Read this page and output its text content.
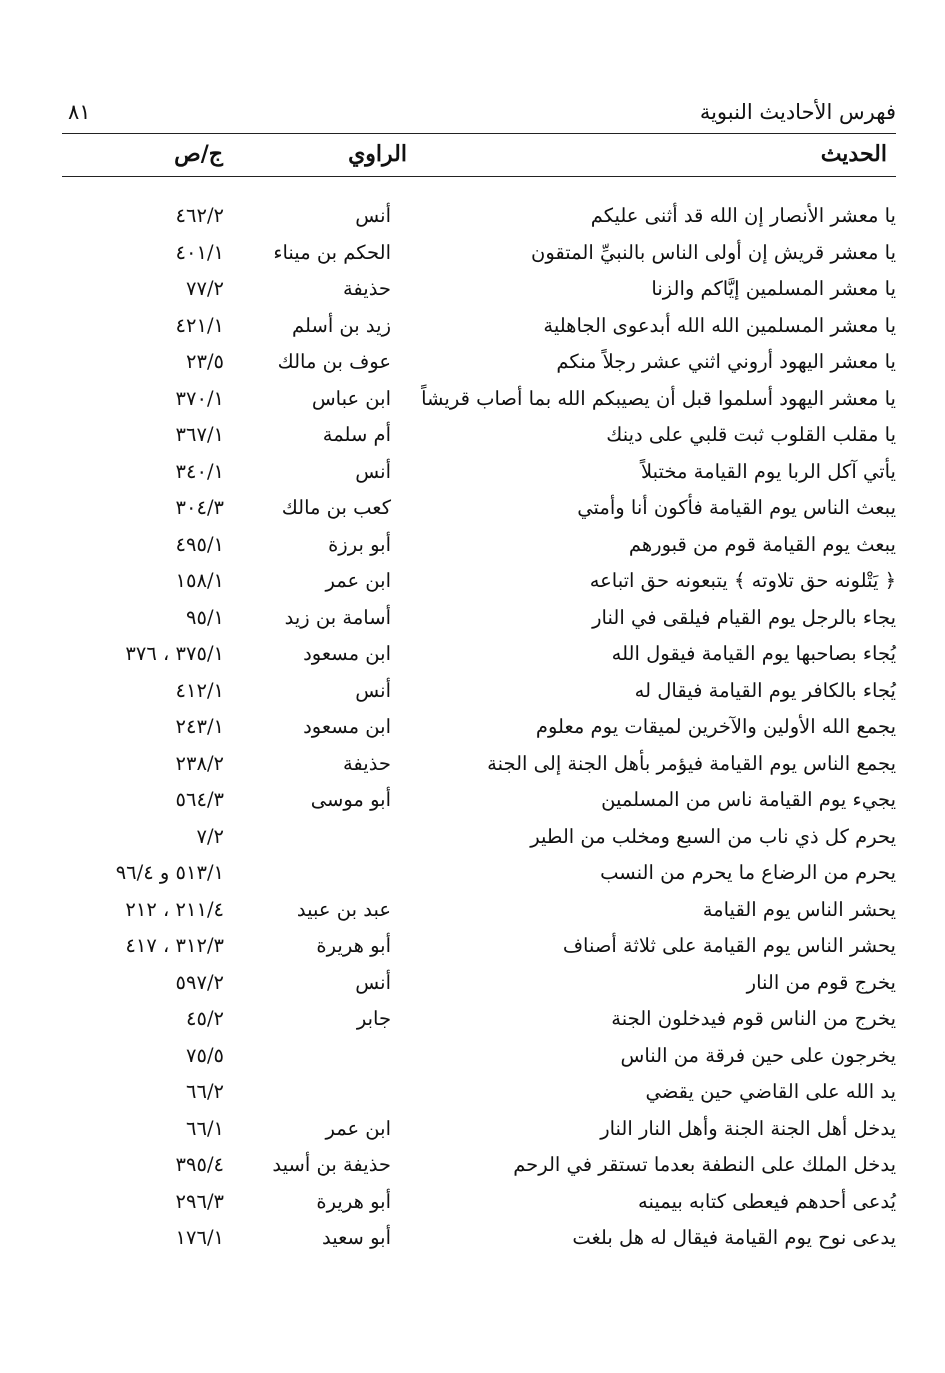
فهرس الأحاديث النبوية
٨١
الحديث
الراوي
ج/ص
يا معشر الأنصار إن الله قد أثنى عليكم
أنس
٤٦٢/٢
يا معشر قريش إن أولى الناس بالنبيِّ المتقون
الحكم بن ميناء
٤٠١/١
يا معشر المسلمين إيَّاكم والزنا
حذيفة
٧٧/٢
يا معشر المسلمين الله الله أبدعوى الجاهلية
زيد بن أسلم
٤٢١/١
يا معشر اليهود أروني اثني عشر رجلاً منكم
عوف بن مالك
٢٣/٥
يا معشر اليهود أسلموا قبل أن يصيبكم الله بما أصاب قريشاً
ابن عباس
٣٧٠/١
يا مقلب القلوب ثبت قلبي على دينك
أم سلمة
٣٦٧/١
يأتي آكل الربا يوم القيامة مختبلاً
أنس
٣٤٠/١
يبعث الناس يوم القيامة فأكون أنا وأمتي
كعب بن مالك
٣٠٤/٣
يبعث يوم القيامة قوم من قبورهم
أبو برزة
٤٩٥/١
﴿ يَتْلونه حق تلاوته ﴾ يتبعونه حق اتباعه
ابن عمر
١٥٨/١
يجاء بالرجل يوم القيام فيلقى في النار
أسامة بن زيد
٩٥/١
يُجاء بصاحبها يوم القيامة فيقول الله
ابن مسعود
٣٧٥/١ ، ٣٧٦
يُجاء بالكافر يوم القيامة فيقال له
أنس
٤١٢/١
يجمع الله الأولين والآخرين لميقات يوم معلوم
ابن مسعود
٢٤٣/١
يجمع الناس يوم القيامة فيؤمر بأهل الجنة إلى الجنة
حذيفة
٢٣٨/٢
يجيء يوم القيامة ناس من المسلمين
أبو موسى
٥٦٤/٣
يحرم كل ذي ناب من السبع ومخلب من الطير
٧/٢
يحرم من الرضاع ما يحرم من النسب
٥١٣/١ و ٩٦/٤
يحشر الناس يوم القيامة
عبد بن عبيد
٢١١/٤ ، ٢١٢
يحشر الناس يوم القيامة على ثلاثة أصناف
أبو هريرة
٣١٢/٣ ، ٤١٧
يخرج قوم من النار
أنس
٥٩٧/٢
يخرج من الناس قوم فيدخلون الجنة
جابر
٤٥/٢
يخرجون على حين فرقة من الناس
٧٥/٥
يد الله على القاضي حين يقضي
٦٦/٢
يدخل أهل الجنة الجنة وأهل النار النار
ابن عمر
٦٦/١
يدخل الملك على النطفة بعدما تستقر في الرحم
حذيفة بن أسيد
٣٩٥/٤
يُدعى أحدهم فيعطى كتابه بيمينه
أبو هريرة
٢٩٦/٣
يدعى نوح يوم القيامة فيقال له هل بلغت
أبو سعيد
١٧٦/١
